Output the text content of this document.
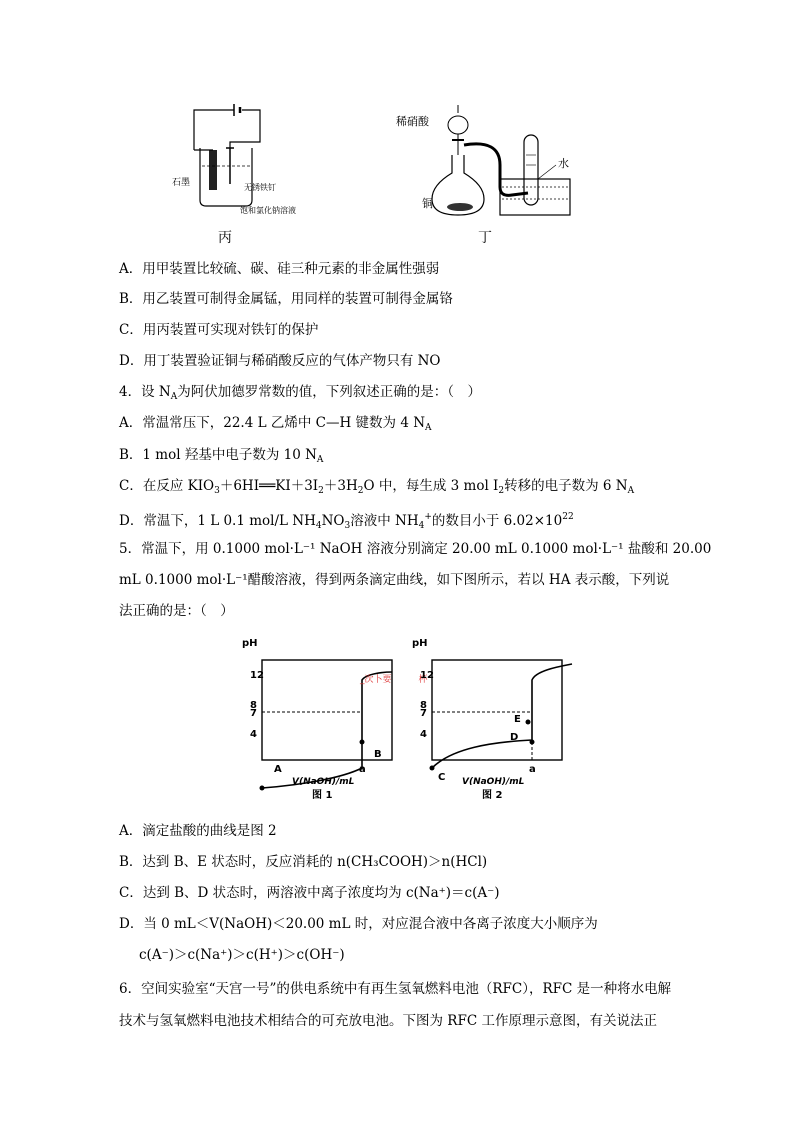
石墨	无锈铁钉
饱和氯化钠溶液
丙
稀硝酸
铜
水
丁
A．用甲装置比较硫、碳、硅三种元素的非金属性强弱
B．用乙装置可制得金属锰，用同样的装置可制得金属铬
C．用丙装置可实现对铁钉的保护
D．用丁装置验证铜与稀硝酸反应的气体产物只有 NO
4．设 $N_A$为阿伏加德罗常数的值，下列叙述正确的是：（　）
A．常温常压下，22.4 L 乙烯中 C—H 键数为 4 $N_A$
B．1 mol 羟基中电子数为 10 $N_A$
C．在反应 $KIO_3+6HI══KI+3I_2+3H_2O$ 中，每生成 3 mol $I_2$转移的电子数为 6 $N_A$
D．常温下，1 L 0.1 mol/L $NH_4NO_3$溶液中 $NH_4^+$的数目小于 $6.02\times 10^{22}$
5．常温下，用 0.1000 mol·L⁻¹ NaOH 溶液分别滴定 20.00 mL 0.1000 mol·L⁻¹ 盐酸和 20.00
mL 0.1000 mol·L⁻¹醋酸溶液，得到两条滴定曲线，如下图所示，若以 HA 表示酸，下列说
法正确的是：（　）
pH
4
7
8
12
A
B
a
V(NaOH)/mL
图 1
_次卜要　　　杯
pH
4
7
8
12
C
D
E
a
V(NaOH)/mL
图 2
A．滴定盐酸的曲线是图 2
B．达到 B、E 状态时，反应消耗的 n(CH₃COOH)＞n(HCl)
C．达到 B、D 状态时，两溶液中离子浓度均为 c(Na⁺)＝c(A⁻)
D．当 0 mL＜V(NaOH)＜20.00 mL 时，对应混合液中各离子浓度大小顺序为
c(A⁻)＞c(Na⁺)＞c(H⁺)＞c(OH⁻)
6．空间实验室“天宫一号”的供电系统中有再生氢氧燃料电池（RFC），RFC 是一种将水电解
技术与氢氧燃料电池技术相结合的可充放电池。下图为 RFC 工作原理示意图，有关说法正
